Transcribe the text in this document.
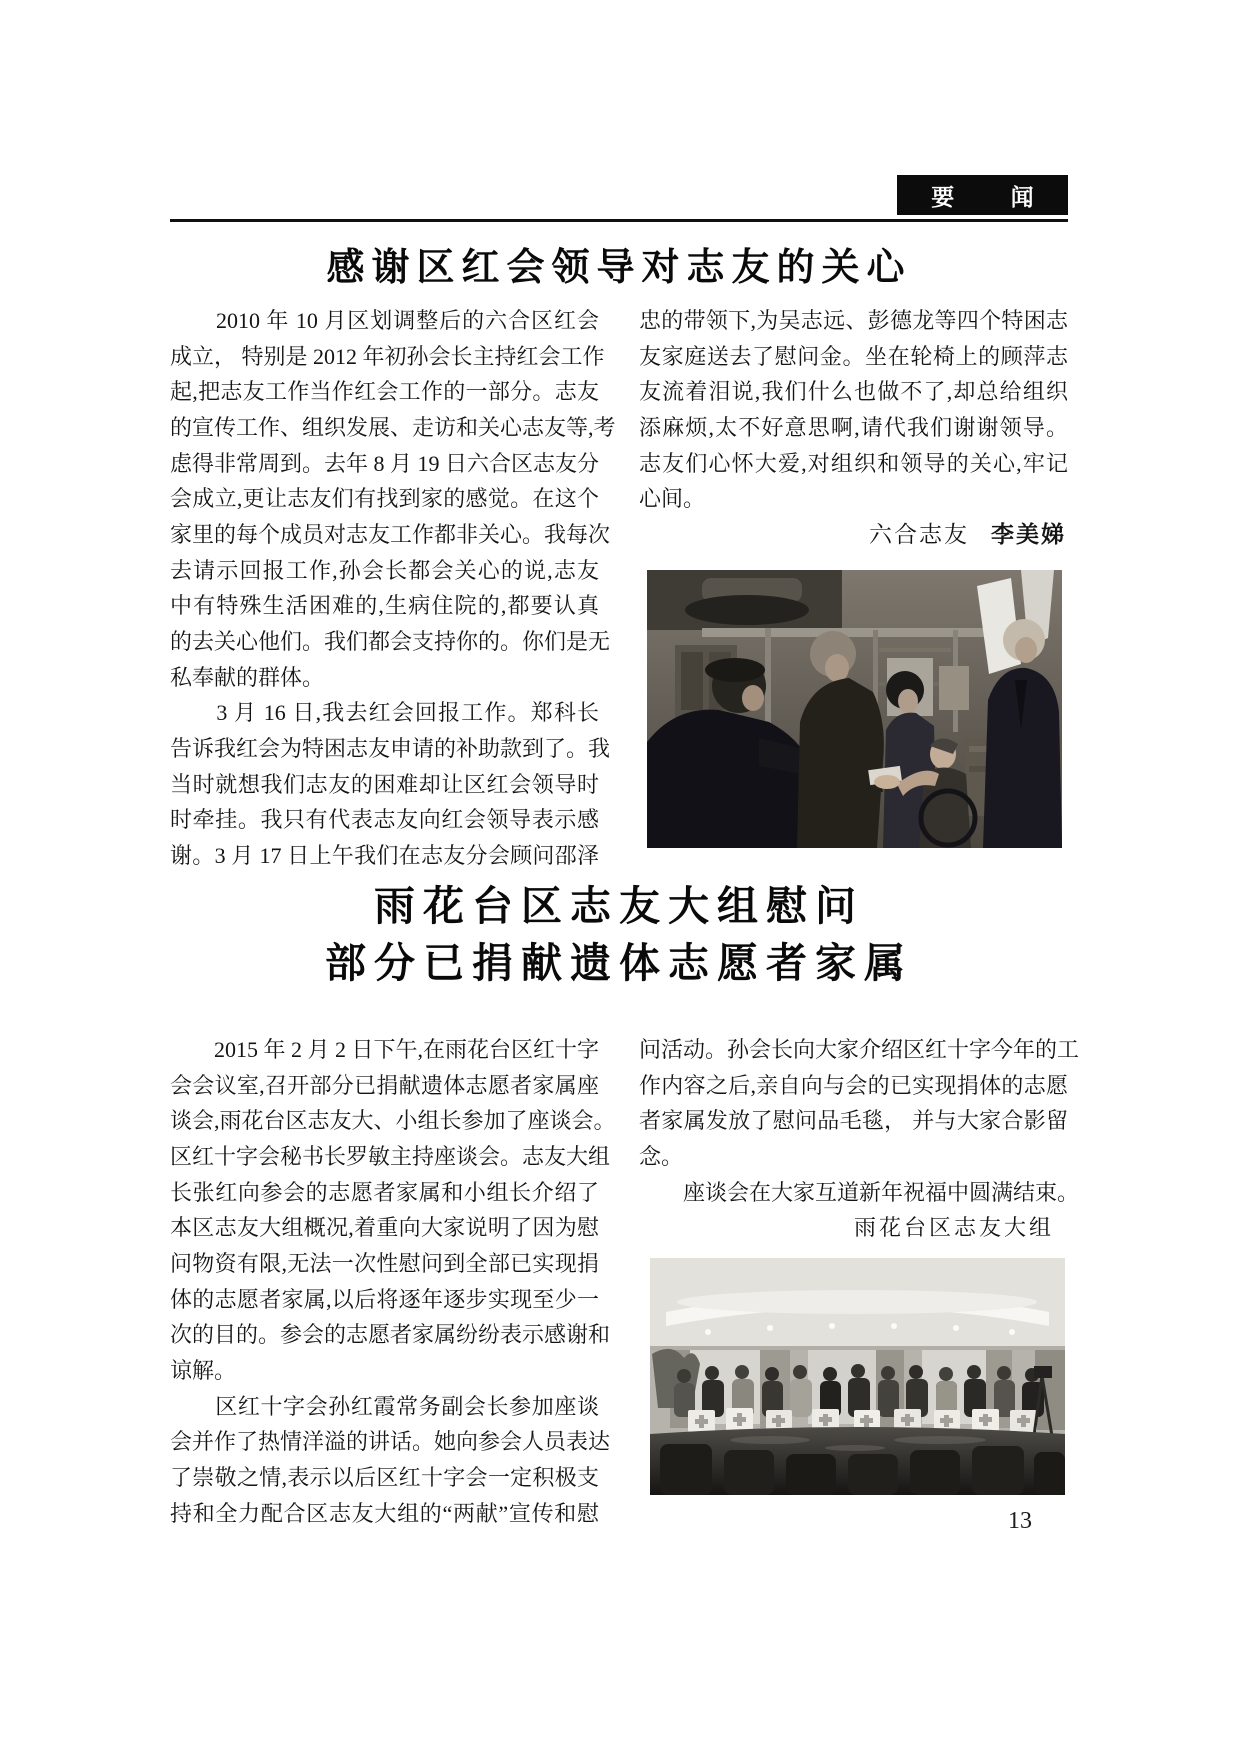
要 闻
感谢区红会领导对志友的关心
　　2010 年 10 月区划调整后的六合区红会
成立， 特别是 2012 年初孙会长主持红会工作
起,把志友工作当作红会工作的一部分。志友
的宣传工作、组织发展、走访和关心志友等,考
虑得非常周到。去年 8 月 19 日六合区志友分
会成立,更让志友们有找到家的感觉。在这个
家里的每个成员对志友工作都非关心。我每次
去请示回报工作,孙会长都会关心的说,志友
中有特殊生活困难的,生病住院的,都要认真
的去关心他们。我们都会支持你的。你们是无
私奉献的群体。
　　3 月 16 日,我去红会回报工作。郑科长
告诉我红会为特困志友申请的补助款到了。我
当时就想我们志友的困难却让区红会领导时
时牵挂。我只有代表志友向红会领导表示感
谢。3 月 17 日上午我们在志友分会顾问邵泽
忠的带领下,为吴志远、彭德龙等四个特困志
友家庭送去了慰问金。坐在轮椅上的顾萍志
友流着泪说,我们什么也做不了,却总给组织
添麻烦,太不好意思啊,请代我们谢谢领导。
志友们心怀大爱,对组织和领导的关心,牢记
心间。
六合志友 李美娣
雨花台区志友大组慰问
部分已捐献遗体志愿者家属
　　2015 年 2 月 2 日下午,在雨花台区红十字
会会议室,召开部分已捐献遗体志愿者家属座
谈会,雨花台区志友大、小组长参加了座谈会。
区红十字会秘书长罗敏主持座谈会。志友大组
长张红向参会的志愿者家属和小组长介绍了
本区志友大组概况,着重向大家说明了因为慰
问物资有限,无法一次性慰问到全部已实现捐
体的志愿者家属,以后将逐年逐步实现至少一
次的目的。参会的志愿者家属纷纷表示感谢和
谅解。
　　区红十字会孙红霞常务副会长参加座谈
会并作了热情洋溢的讲话。她向参会人员表达
了崇敬之情,表示以后区红十字会一定积极支
持和全力配合区志友大组的“两献”宣传和慰
问活动。孙会长向大家介绍区红十字今年的工
作内容之后,亲自向与会的已实现捐体的志愿
者家属发放了慰问品毛毯， 并与大家合影留
念。
　　座谈会在大家互道新年祝福中圆满结束。
雨花台区志友大组
13
